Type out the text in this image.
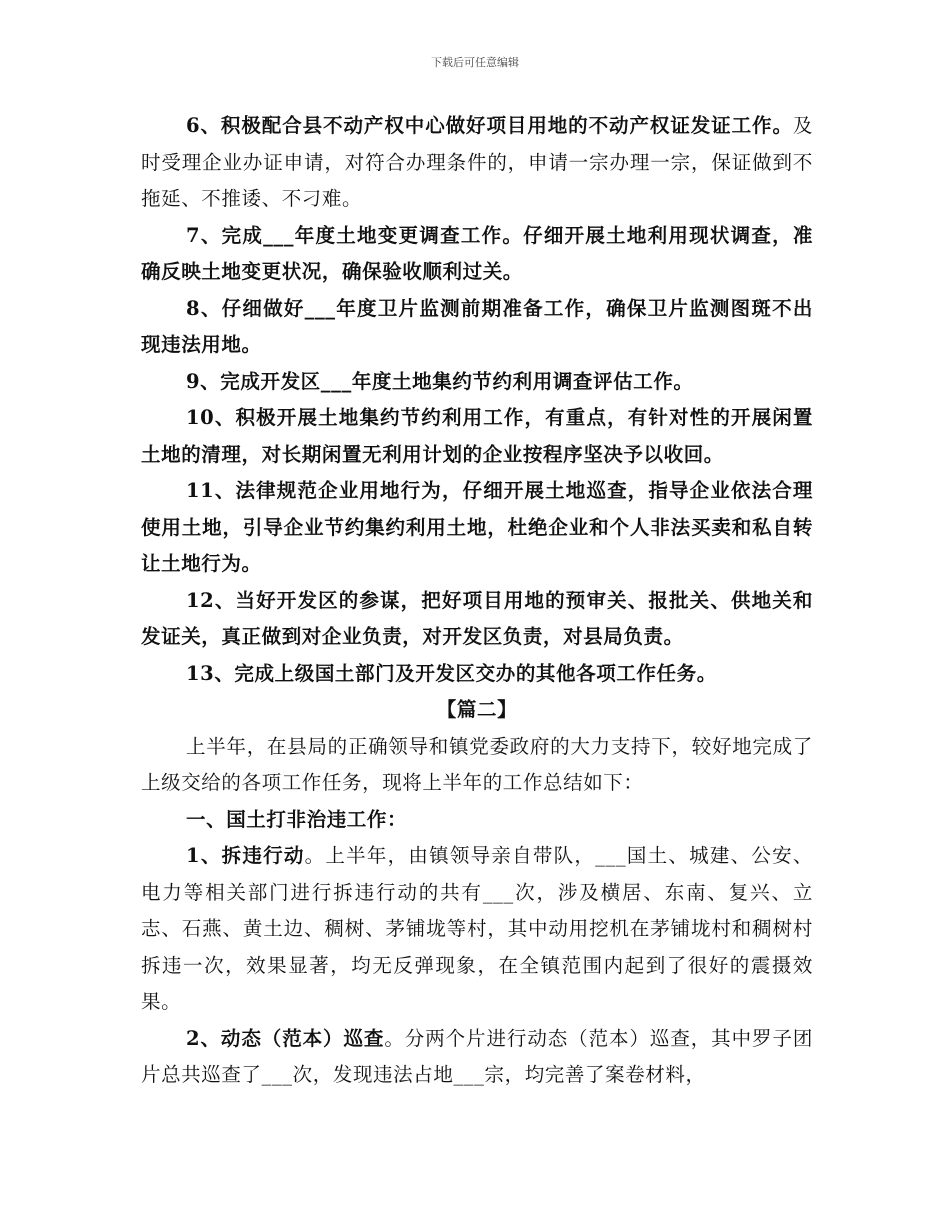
下载后可任意编辑

6、积极配合县不动产权中心做好项目用地的不动产权证发证工作。及时受理企业办证申请，对符合办理条件的，申请一宗办理一宗，保证做到不拖延、不推诿、不刁难。

7、完成___年度土地变更调查工作。仔细开展土地利用现状调查，准确反映土地变更状况，确保验收顺利过关。

8、仔细做好___年度卫片监测前期准备工作，确保卫片监测图斑不出现违法用地。

9、完成开发区___年度土地集约节约利用调查评估工作。

10、积极开展土地集约节约利用工作，有重点，有针对性的开展闲置土地的清理，对长期闲置无利用计划的企业按程序坚决予以收回。

11、法律规范企业用地行为，仔细开展土地巡查，指导企业依法合理使用土地，引导企业节约集约利用土地，杜绝企业和个人非法买卖和私自转让土地行为。

12、当好开发区的参谋，把好项目用地的预审关、报批关、供地关和发证关，真正做到对企业负责，对开发区负责，对县局负责。

13、完成上级国土部门及开发区交办的其他各项工作任务。

【篇二】

上半年，在县局的正确领导和镇党委政府的大力支持下，较好地完成了上级交给的各项工作任务，现将上半年的工作总结如下：

一、国土打非治违工作：

1、拆违行动。上半年，由镇领导亲自带队，___国土、城建、公安、电力等相关部门进行拆违行动的共有___次，涉及横居、东南、复兴、立志、石燕、黄土边、稠树、茅铺垅等村，其中动用挖机在茅铺垅村和稠树村拆违一次，效果显著，均无反弹现象，在全镇范围内起到了很好的震摄效果。

2、动态（范本）巡查。分两个片进行动态（范本）巡查，其中罗子团片总共巡查了___次，发现违法占地___宗，均完善了案卷材料，
